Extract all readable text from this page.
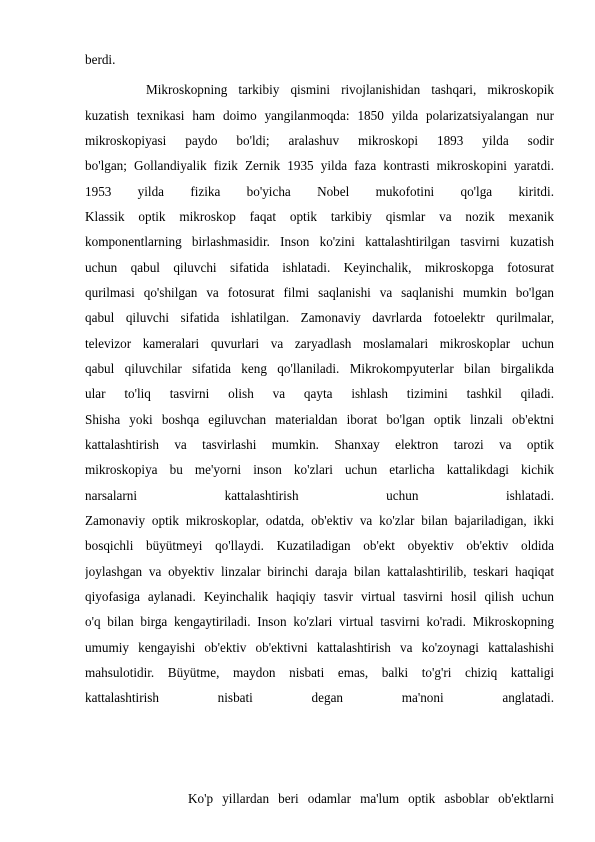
berdi.
Mikroskopning tarkibiy qismini rivojlanishidan tashqari, mikroskopik
kuzatish texnikasi ham doimo yangilanmoqda: 1850 yilda polarizatsiyalangan nur
mikroskopiyasi paydo bo'ldi; aralashuv mikroskopi 1893 yilda sodir
bo'lgan; Gollandiyalik fizik Zernik 1935 yilda faza kontrasti mikroskopini yaratdi.
1953 yilda fizika bo'yicha Nobel mukofotini qo'lga kiritdi.
Klassik optik mikroskop faqat optik tarkibiy qismlar va nozik mexanik
komponentlarning birlashmasidir. Inson ko'zini kattalashtirilgan tasvirni kuzatish
uchun qabul qiluvchi sifatida ishlatadi. Keyinchalik, mikroskopga fotosurat
qurilmasi qo'shilgan va fotosurat filmi saqlanishi va saqlanishi mumkin bo'lgan
qabul qiluvchi sifatida ishlatilgan. Zamonaviy davrlarda fotoelektr qurilmalar,
televizor kameralari quvurlari va zaryadlash moslamalari mikroskoplar uchun
qabul qiluvchilar sifatida keng qo'llaniladi. Mikrokompyuterlar bilan birgalikda
ular to'liq tasvirni olish va qayta ishlash tizimini tashkil qiladi.
Shisha yoki boshqa egiluvchan materialdan iborat bo'lgan optik linzali ob'ektni
kattalashtirish va tasvirlashi mumkin. Shanxay elektron tarozi va optik
mikroskopiya bu me'yorni inson ko'zlari uchun etarlicha kattalikdagi kichik
narsalarni kattalashtirish uchun ishlatadi.
Zamonaviy optik mikroskoplar, odatda, ob'ektiv va ko'zlar bilan bajariladigan, ikki
bosqichli büyütmeyi qo'llaydi. Kuzatiladigan ob'ekt obyektiv ob'ektiv oldida
joylashgan va obyektiv linzalar birinchi daraja bilan kattalashtirilib, teskari haqiqat
qiyofasiga aylanadi. Keyinchalik haqiqiy tasvir virtual tasvirni hosil qilish uchun
o'q bilan birga kengaytiriladi. Inson ko'zlari virtual tasvirni ko'radi. Mikroskopning
umumiy kengayishi ob'ektiv ob'ektivni kattalashtirish va ko'zoynagi kattalashishi
mahsulotidir. Büyütme, maydon nisbati emas, balki to'g'ri chiziq kattaligi
kattalashtirish nisbati degan ma'noni anglatadi.
Ko'p yillardan beri odamlar ma'lum optik asboblar ob'ektlarni
